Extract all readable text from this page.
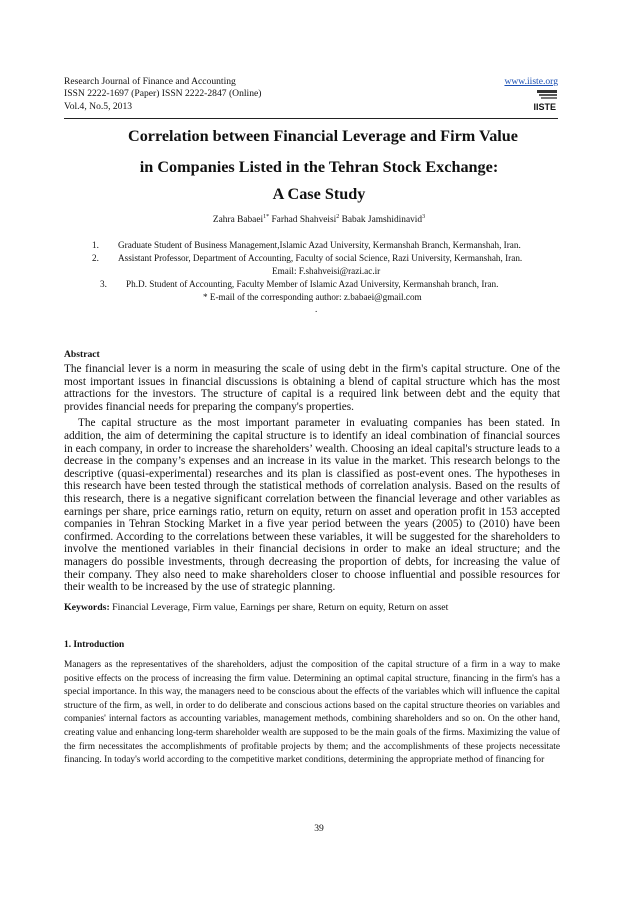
Research Journal of Finance and Accounting
ISSN 2222-1697 (Paper) ISSN 2222-2847 (Online)
Vol.4, No.5, 2013
www.iiste.org
IISTE
Correlation between Financial Leverage and Firm Value
in Companies Listed in the Tehran Stock Exchange:
A Case Study
Zahra Babaei$^{1*}$ Farhad Shahveisi$^2$ Babak Jamshidinavid$^3$
1. Graduate Student of Business Management,Islamic Azad University, Kermanshah Branch, Kermanshah, Iran.
2. Assistant Professor, Department of Accounting, Faculty of social Science, Razi University, Kermanshah, Iran.
Email: F.shahveisi@razi.ac.ir
3. Ph.D. Student of Accounting, Faculty Member of Islamic Azad University, Kermanshah branch, Iran.
* E-mail of the corresponding author: z.babaei@gmail.com
.
Abstract

The financial lever is a norm in measuring the scale of using debt in the firm's capital structure. One of the most important issues in financial discussions is obtaining a blend of capital structure which has the most attractions for the investors. The structure of capital is a required link between debt and the equity that provides financial needs for preparing the company's properties.

The capital structure as the most important parameter in evaluating companies has been stated. In addition, the aim of determining the capital structure is to identify an ideal combination of financial sources in each company, in order to increase the shareholders’ wealth. Choosing an ideal capital's structure leads to a decrease in the company’s expenses and an increase in its value in the market. This research belongs to the descriptive (quasi-experimental) researches and its plan is classified as post-event ones. The hypotheses in this research have been tested through the statistical methods of correlation analysis. Based on the results of this research, there is a negative significant correlation between the financial leverage and other variables as earnings per share, price earnings ratio, return on equity, return on asset and operation profit in 153 accepted companies in Tehran Stocking Market in a five year period between the years (2005) to (2010) have been confirmed. According to the correlations between these variables, it will be suggested for the shareholders to involve the mentioned variables in their financial decisions in order to make an ideal structure; and the managers do possible investments, through decreasing the proportion of debts, for increasing the value of their company. They also need to make shareholders closer to choose influential and possible resources for their wealth to be increased by the use of strategic planning.

Keywords: Financial Leverage, Firm value, Earnings per share, Return on equity, Return on asset
1. Introduction

Managers as the representatives of the shareholders, adjust the composition of the capital structure of a firm in a way to make positive effects on the process of increasing the firm value. Determining an optimal capital structure, financing in the firm's has a special importance. In this way, the managers need to be conscious about the effects of the variables which will influence the capital structure of the firm, as well, in order to do deliberate and conscious actions based on the capital structure theories on variables and companies' internal factors as accounting variables, management methods, combining shareholders and so on. On the other hand, creating value and enhancing long-term shareholder wealth are supposed to be the main goals of the firms. Maximizing the value of the firm necessitates the accomplishments of profitable projects by them; and the accomplishments of these projects necessitate financing. In today's world according to the competitive market conditions, determining the appropriate method of financing for

39
